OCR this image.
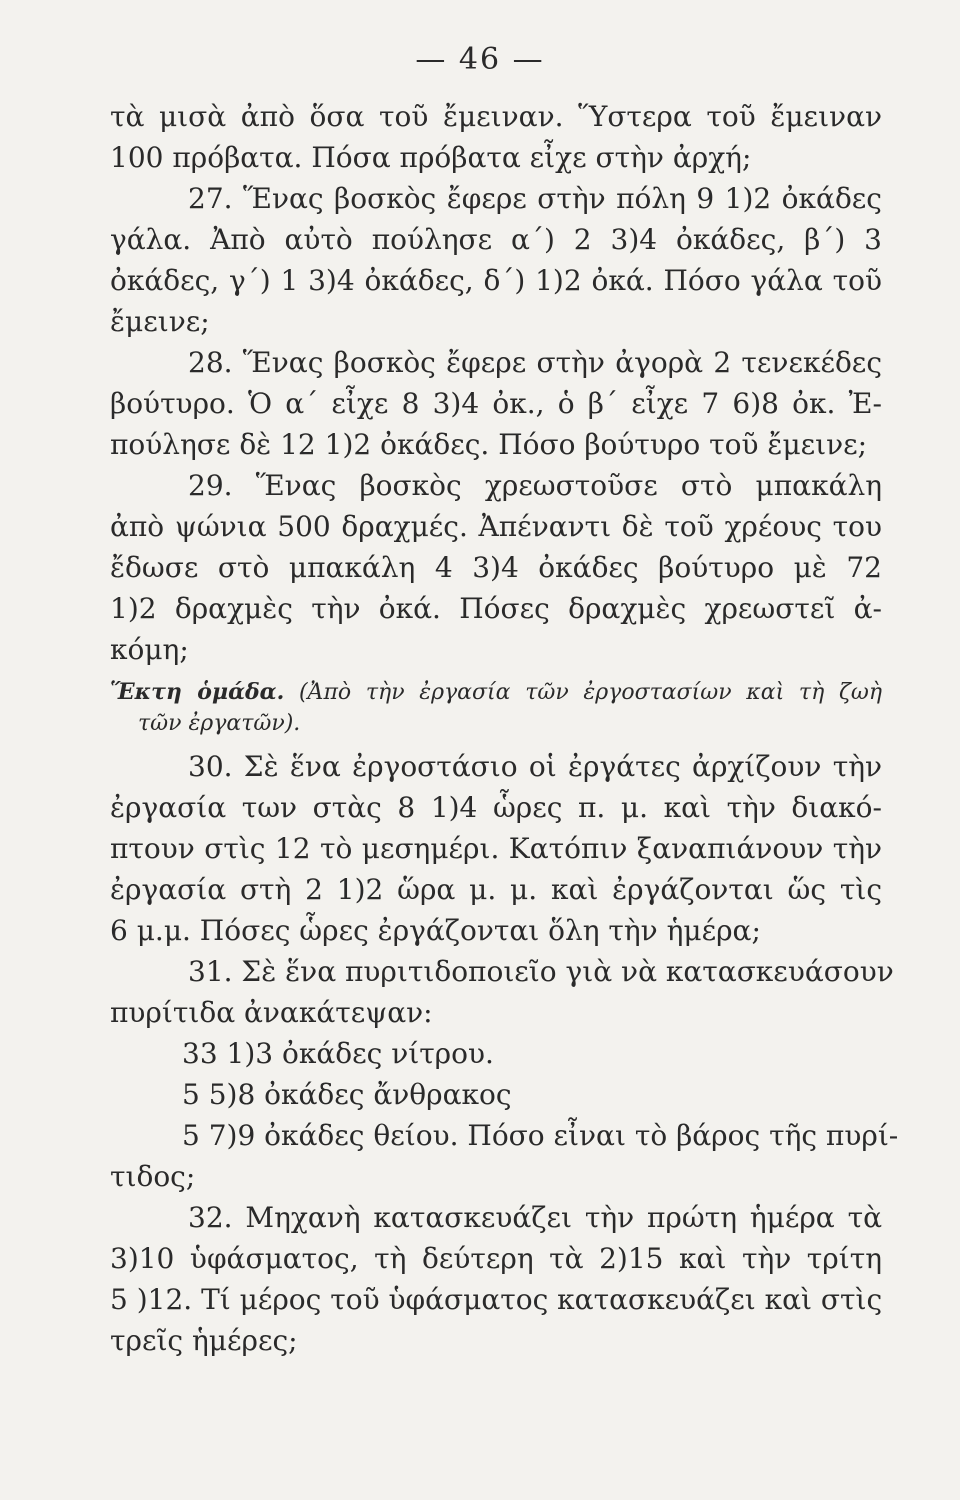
— 46 —
τὰ μισὰ ἀπὸ ὅσα τοῦ ἔμειναν. Ὕστερα τοῦ ἔμειναν
100 πρόβατα. Πόσα πρόβατα εἶχε στὴν ἀρχή;
27. Ἕνας βοσκὸς ἔφερε στὴν πόλη 9 1)2 ὀκάδες
γάλα. Ἀπὸ αὐτὸ πούλησε α΄) 2 3)4 ὀκάδες, β΄) 3
ὀκάδες, γ΄) 1 3)4 ὀκάδες, δ΄) 1)2 ὀκά. Πόσο γάλα τοῦ
ἔμεινε;
28. Ἕνας βοσκὸς ἔφερε στὴν ἀγορὰ 2 τενεκέδες
βούτυρο. Ὁ α΄ εἶχε 8 3)4 ὀκ., ὁ β΄ εἶχε 7 6)8 ὀκ. Ἐ-
πούλησε δὲ 12 1)2 ὀκάδες. Πόσο βούτυρο τοῦ ἔμεινε;
29. Ἕνας βοσκὸς χρεωστοῦσε στὸ μπακάλη
ἀπὸ ψώνια 500 δραχμές. Ἀπέναντι δὲ τοῦ χρέους του
ἔδωσε στὸ μπακάλη 4 3)4 ὀκάδες βούτυρο μὲ 72
1)2 δραχμὲς τὴν ὀκά. Πόσες δραχμὲς χρεωστεῖ ἀ-
κόμη;
Ἕκτη ὁμάδα. (Ἀπὸ τὴν ἐργασία τῶν ἐργοστασίων καὶ τὴ ζωὴ
τῶν ἐργατῶν).
30. Σὲ ἕνα ἐργοστάσιο οἱ ἐργάτες ἀρχίζουν τὴν
ἐργασία των στὰς 8 1)4 ὧρες π. μ. καὶ τὴν διακό-
πτουν στὶς 12 τὸ μεσημέρι. Κατόπιν ξαναπιάνουν τὴν
ἐργασία στὴ 2 1)2 ὥρα μ. μ. καὶ ἐργάζονται ὥς τὶς
6 μ.μ. Πόσες ὧρες ἐργάζονται ὅλη τὴν ἡμέρα;
31. Σὲ ἕνα πυριτιδοποιεῖο γιὰ νὰ κατασκευάσουν
πυρίτιδα ἀνακάτεψαν:
33 1)3 ὀκάδες νίτρου.
5 5)8 ὀκάδες ἄνθρακος
5 7)9 ὀκάδες θείου. Πόσο εἶναι τὸ βάρος τῆς πυρί-
τιδος;
32. Μηχανὴ κατασκευάζει τὴν πρώτη ἡμέρα τὰ
3)10 ὑφάσματος, τὴ δεύτερη τὰ 2)15 καὶ τὴν τρίτη
5 )12. Τί μέρος τοῦ ὑφάσματος κατασκευάζει καὶ στὶς
τρεῖς ἡμέρες;
